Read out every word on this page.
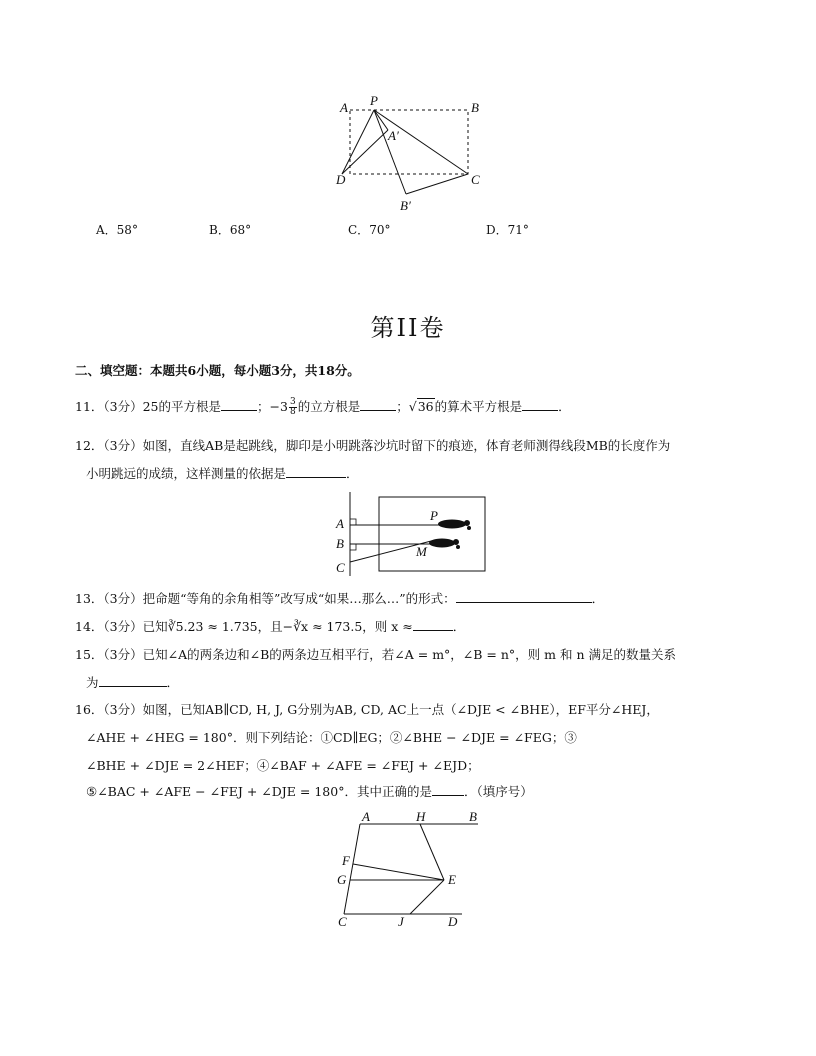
A P	B
A′
D	C
B′
A．58°	B．68°	C．70°	D．71°
第II卷
二、填空题：本题共6小题，每小题3分，共18分。
11．（3分）25的平方根是	；$-3 \frac{3}{8}$ 的立方根是	；√36的算术平方根是	．
12．（3分）如图，直线AB是起跳线，脚印是小明跳落沙坑时留下的痕迹，体育老师测得线段MB的长度作为
小明跳远的成绩，这样测量的依据是	．
A
B
C
P
M
13．（3分）把命题“等角的余角相等”改写成“如果…那么…”的形式：	．
14．（3分）已知∛5.23 ≈ 1.735，且−∛x ≈ 173.5，则 x ≈	．
15．（3分）已知∠A的两条边和∠B的两条边互相平行，若∠A = m°，∠B = n°，则 m 和 n 满足的数量关系
为	．
16．（3分）如图，已知AB∥CD, H, J, G分别为AB, CD, AC上一点（∠DJE < ∠BHE），EF平分∠HEJ，
∠AHE + ∠HEG = 180°．则下列结论：①CD∥EG；②∠BHE − ∠DJE = ∠FEG；③
∠BHE + ∠DJE = 2∠HEF；④∠BAF + ∠AFE = ∠FEJ + ∠EJD；
⑤∠BAC + ∠AFE − ∠FEJ + ∠DJE = 180°．其中正确的是	．（填序号）
A	H	B
F
G	E
C	J	D
